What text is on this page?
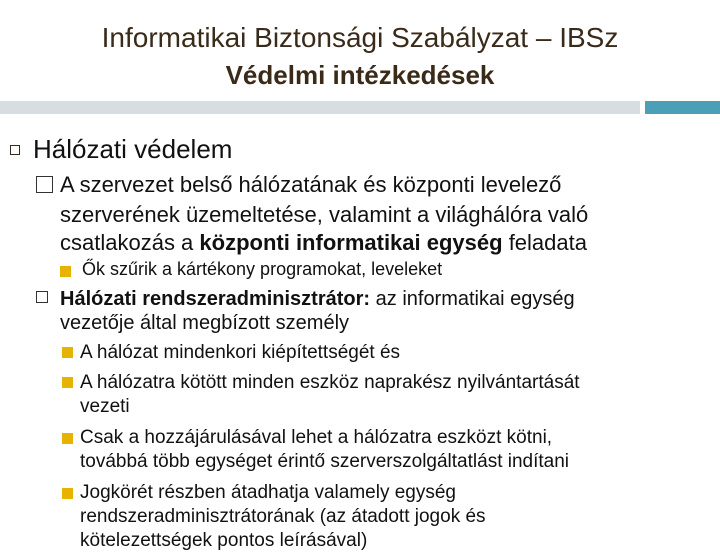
Informatikai Biztonsági Szabályzat – IBSz
Védelmi intézkedések
Hálózati védelem
A szervezet belső hálózatának és központi levelező
szerverének üzemeltetése, valamint a világhálóra való
csatlakozás a központi informatikai egység feladata
Ők szűrik a kártékony programokat, leveleket
Hálózati rendszeradminisztrátor: az informatikai egység
vezetője által megbízott személy
A hálózat mindenkori kiépítettségét és
A hálózatra kötött minden eszköz naprakész nyilvántartását
vezeti
Csak a hozzájárulásával lehet a hálózatra eszközt kötni,
továbbá több egységet érintő szerverszolgáltatlást indítani
Jogkörét részben átadhatja valamely egység
rendszeradminisztrátorának (az átadott jogok és
kötelezettségek pontos leírásával)
